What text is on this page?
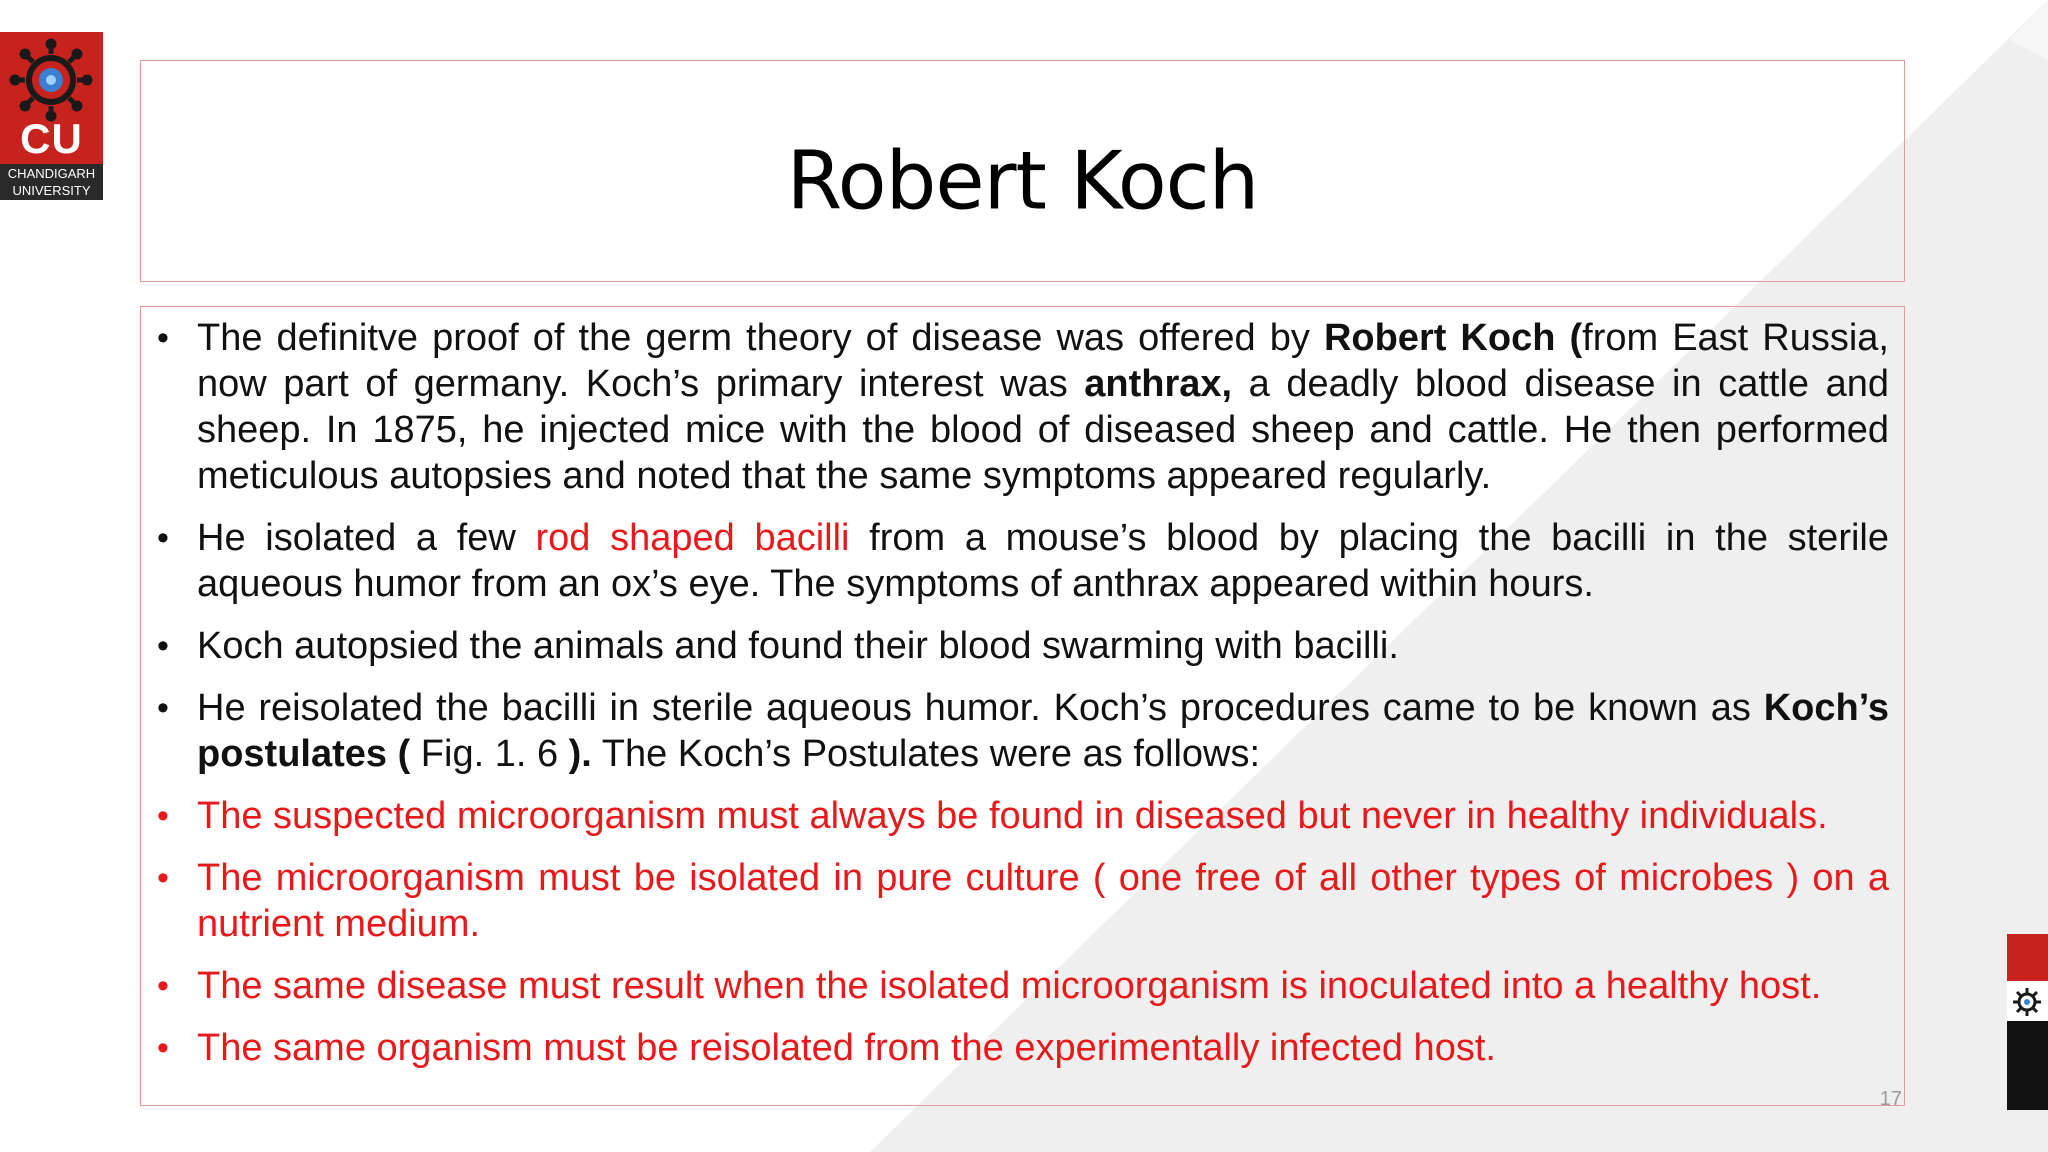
CU
CHANDIGARH
UNIVERSITY	Robert Koch
• The definitve proof of the germ theory of disease was offered by Robert Koch (from East Russia, now part of germany. Koch’s primary interest was anthrax, a deadly blood disease in cattle and sheep. In 1875, he injected mice with the blood of diseased sheep and cattle. He then performed meticulous autopsies and noted that the same symptoms appeared regularly.
• He isolated a few rod shaped bacilli from a mouse’s blood by placing the bacilli in the sterile aqueous humor from an ox’s eye. The symptoms of anthrax appeared within hours.
• Koch autopsied the animals and found their blood swarming with bacilli.
• He reisolated the bacilli in sterile aqueous humor. Koch’s procedures came to be known as Koch’s postulates ( Fig. 1. 6 ). The Koch’s Postulates were as follows:
• The suspected microorganism must always be found in diseased but never in healthy individuals.
• The microorganism must be isolated in pure culture ( one free of all other types of microbes ) on a nutrient medium.
• The same disease must result when the isolated microorganism is inoculated into a healthy host.
• The same organism must be reisolated from the experimentally infected host.
17
